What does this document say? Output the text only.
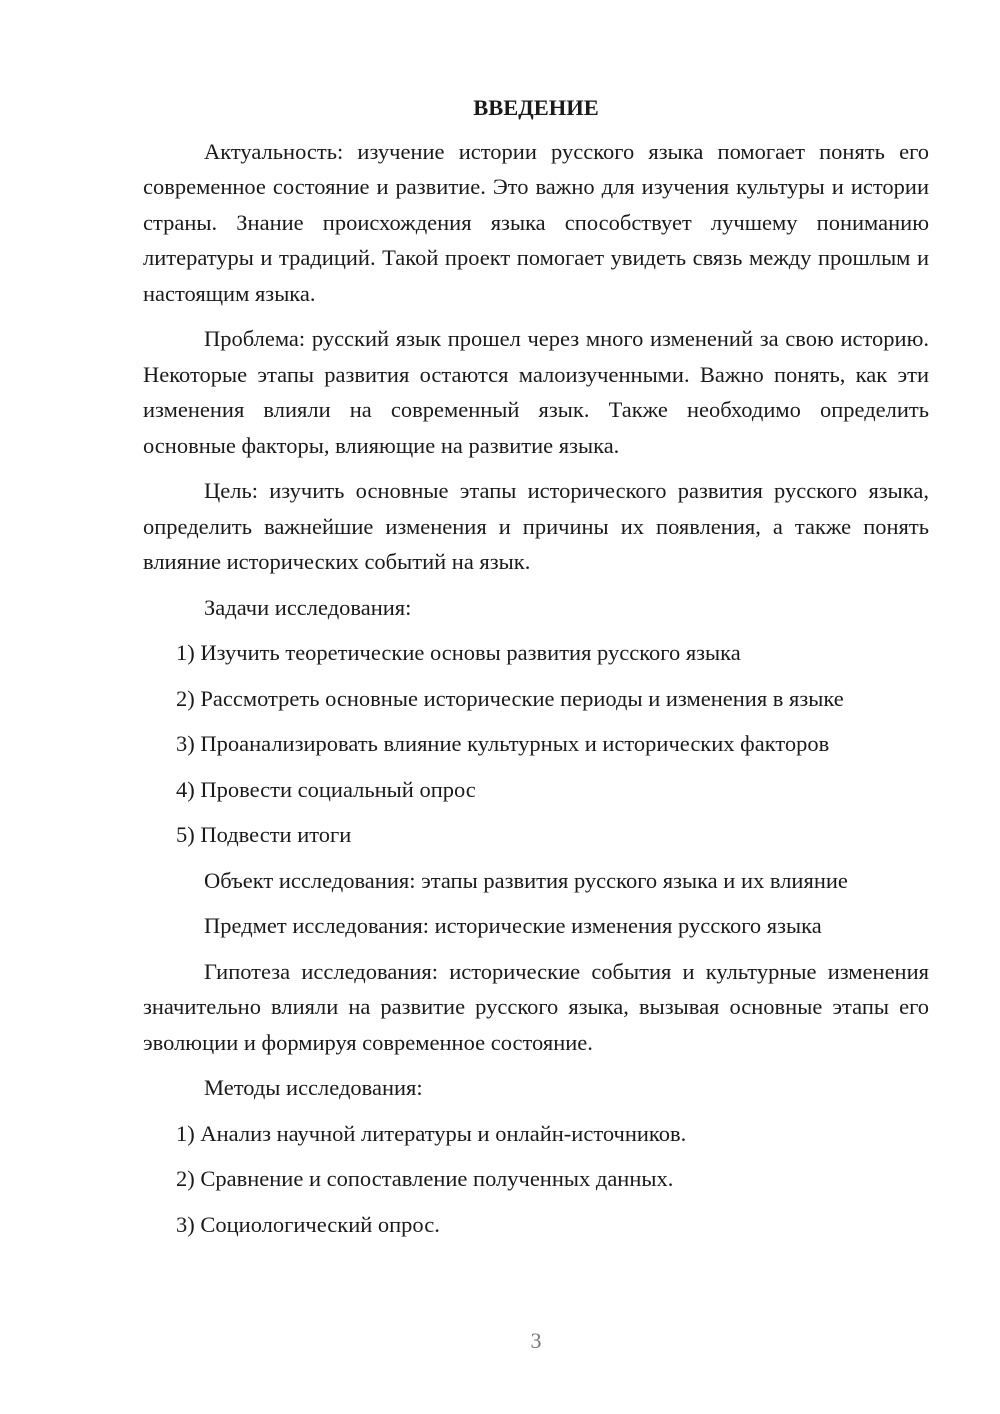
ВВЕДЕНИЕ

Актуальность: изучение истории русского языка помогает понять его современное состояние и развитие. Это важно для изучения культуры и истории страны. Знание происхождения языка способствует лучшему пониманию литературы и традиций. Такой проект помогает увидеть связь между прошлым и настоящим языка.

Проблема: русский язык прошел через много изменений за свою историю. Некоторые этапы развития остаются малоизученными. Важно понять, как эти изменения влияли на современный язык. Также необходимо определить основные факторы, влияющие на развитие языка.

Цель: изучить основные этапы исторического развития русского языка, определить важнейшие изменения и причины их появления, а также понять влияние исторических событий на язык.

Задачи исследования:

1) Изучить теоретические основы развития русского языка

2) Рассмотреть основные исторические периоды и изменения в языке

3) Проанализировать влияние культурных и исторических факторов

4) Провести социальный опрос

5) Подвести итоги

Объект исследования: этапы развития русского языка и их влияние

Предмет исследования: исторические изменения русского языка

Гипотеза исследования: исторические события и культурные изменения значительно влияли на развитие русского языка, вызывая основные этапы его эволюции и формируя современное состояние.

Методы исследования:

1) Анализ научной литературы и онлайн-источников.

2) Сравнение и сопоставление полученных данных.

3) Социологический опрос.

3
